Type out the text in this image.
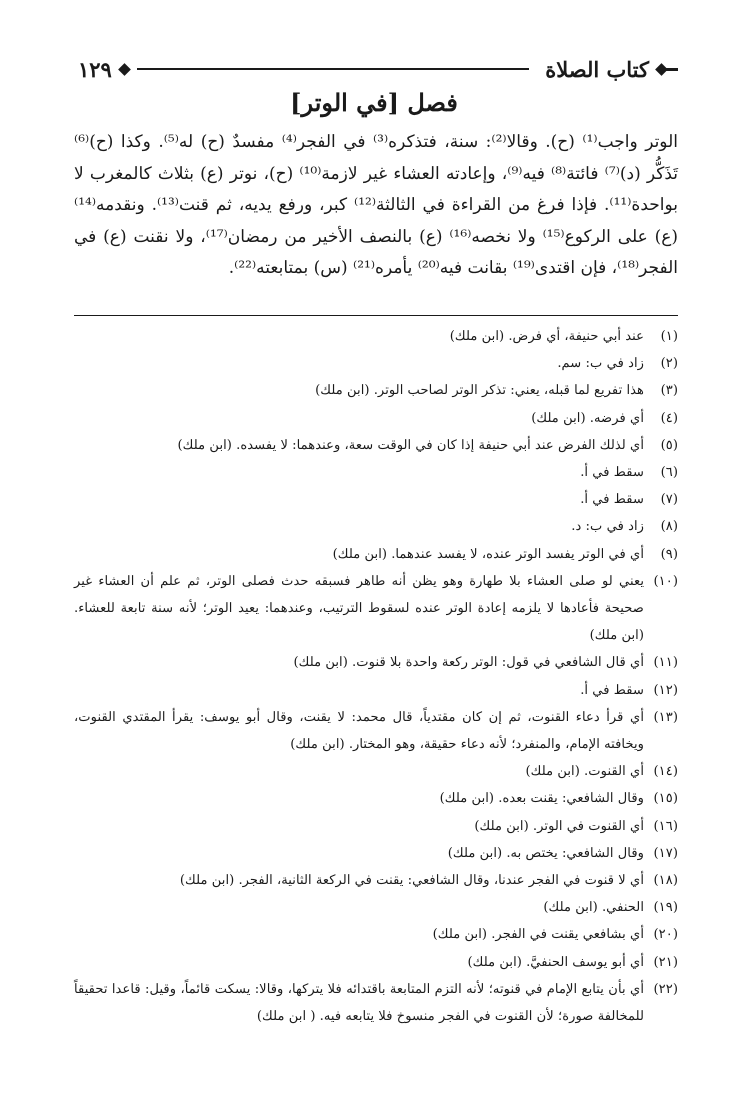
كتاب الصلاة
١٢٩
فصل [في الوتر]

الوتر واجب⁽¹⁾ (ح). وقالا⁽²⁾: سنة، فتذكره⁽³⁾ في الفجر⁽⁴⁾ مفسدٌ (ح) له⁽⁵⁾. وكذا (ح)⁽⁶⁾ تَذَكُّر (د)⁽⁷⁾ فائتة⁽⁸⁾ فيه⁽⁹⁾، وإعادته العشاء غير لازمة⁽¹⁰⁾ (ح)، نوتر (ع) بثلاث كالمغرب لا بواحدة⁽¹¹⁾. فإذا فرغ من القراءة في الثالثة⁽¹²⁾ كبر، ورفع يديه، ثم قنت⁽¹³⁾. ونقدمه⁽¹⁴⁾ (ع) على الركوع⁽¹⁵⁾ ولا نخصه⁽¹⁶⁾ (ع) بالنصف الأخير من رمضان⁽¹⁷⁾، ولا نقنت (ع) في الفجر⁽¹⁸⁾، فإن اقتدى⁽¹⁹⁾ بقانت فيه⁽²⁰⁾ يأمره⁽²¹⁾ (س) بمتابعته⁽²²⁾.

(١)
عند أبي حنيفة، أي فرض. (ابن ملك)
(٢)
زاد في ب: سم.
(٣)
هذا تفريع لما قبله، يعني: تذكر الوتر لصاحب الوتر. (ابن ملك)
(٤)
أي فرضه. (ابن ملك)
(٥)
أي لذلك الفرض عند أبي حنيفة إذا كان في الوقت سعة، وعندهما: لا يفسده. (ابن ملك)
(٦)
سقط في أ.
(٧)
سقط في أ.
(٨)
زاد في ب: د.
(٩)
أي في الوتر يفسد الوتر عنده، لا يفسد عندهما. (ابن ملك)
(١٠)
يعني لو صلى العشاء بلا طهارة وهو يظن أنه طاهر فسبقه حدث فصلى الوتر، ثم علم أن العشاء غير صحيحة فأعادها لا يلزمه إعادة الوتر عنده لسقوط الترتيب، وعندهما: يعيد الوتر؛ لأنه سنة تابعة للعشاء. (ابن ملك)
(١١)
أي قال الشافعي في قول: الوتر ركعة واحدة بلا قنوت. (ابن ملك)
(١٢)
سقط في أ.
(١٣)
أي قرأ دعاء القنوت، ثم إن كان مقتدياً، قال محمد: لا يقنت، وقال أبو يوسف: يقرأ المقتدي القنوت، ويخافته الإمام، والمنفرد؛ لأنه دعاء حقيقة، وهو المختار. (ابن ملك)
(١٤)
أي القنوت. (ابن ملك)
(١٥)
وقال الشافعي: يقنت بعده. (ابن ملك)
(١٦)
أي القنوت في الوتر. (ابن ملك)
(١٧)
وقال الشافعي: يختص به. (ابن ملك)
(١٨)
أي لا قنوت في الفجر عندنا، وقال الشافعي: يقنت في الركعة الثانية، الفجر. (ابن ملك)
(١٩)
الحنفي. (ابن ملك)
(٢٠)
أي بشافعي يقنت في الفجر. (ابن ملك)
(٢١)
أي أبو يوسف الحنفيَّ. (ابن ملك)
(٢٢)
أي بأن يتابع الإمام في قنوته؛ لأنه التزم المتابعة باقتدائه فلا يتركها، وقالا: يسكت قائماً، وقيل: قاعدا تحقيقاً للمخالفة صورة؛ لأن القنوت في الفجر منسوخ فلا يتابعه فيه. ( ابن ملك)
